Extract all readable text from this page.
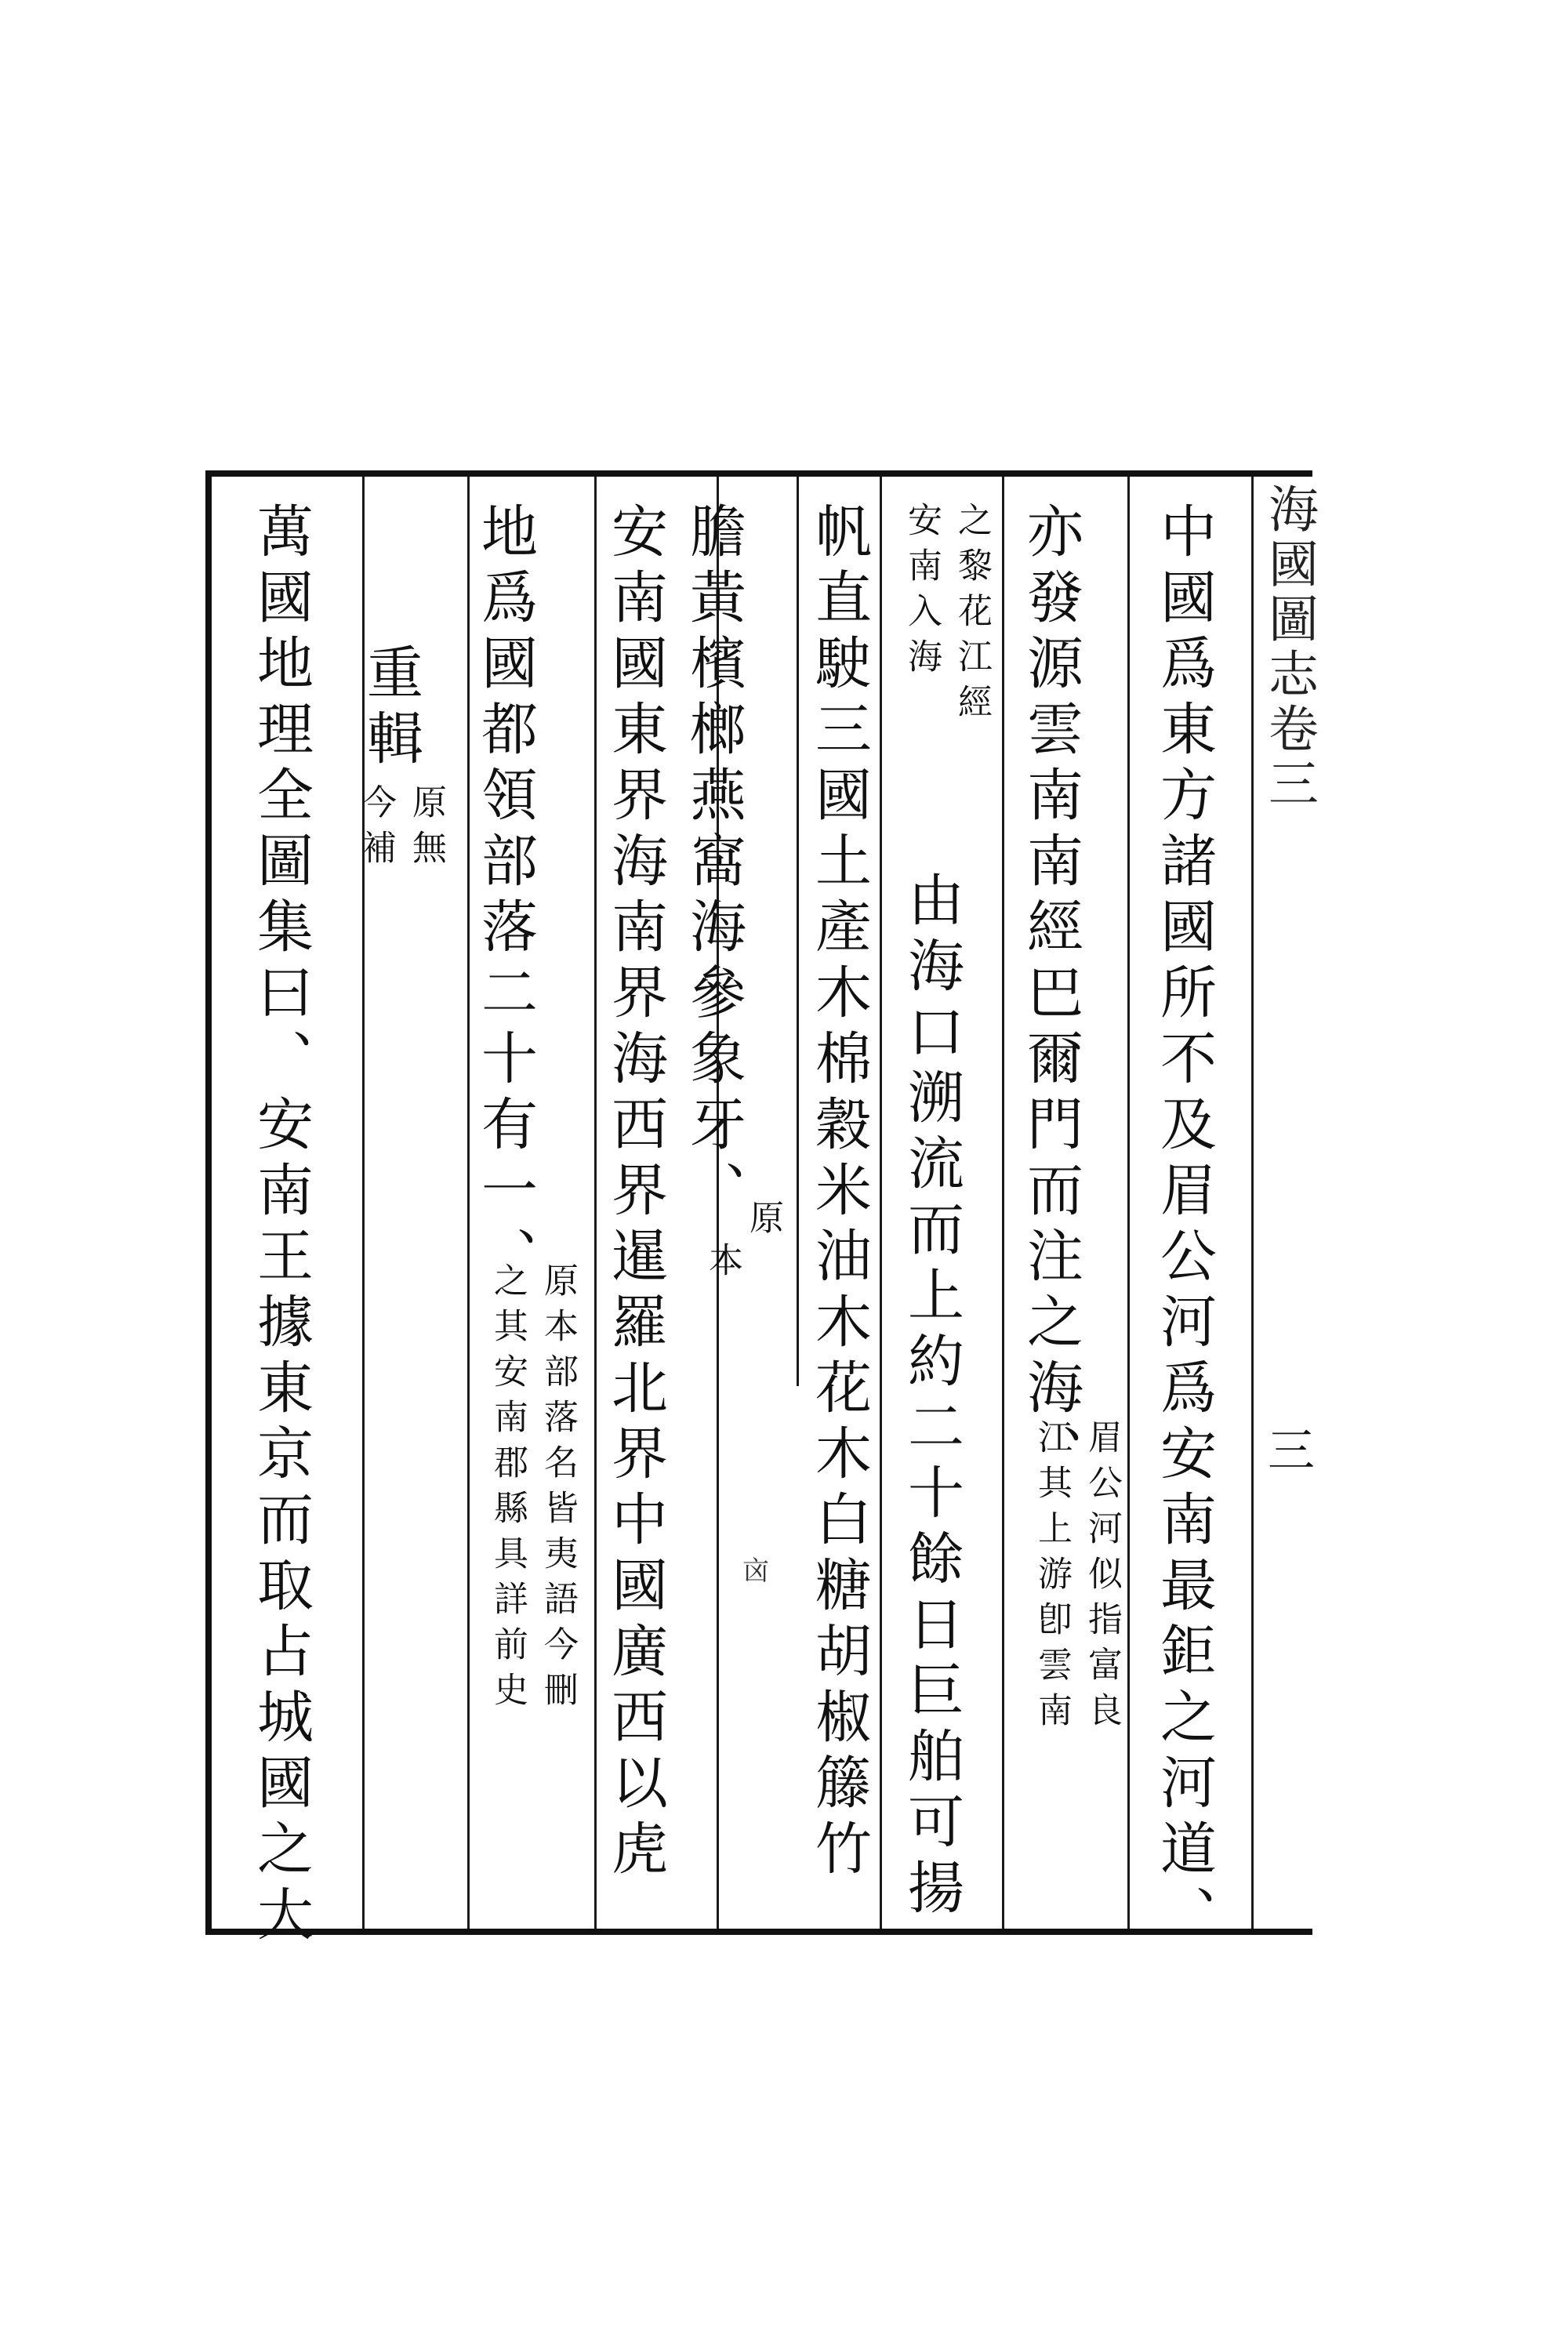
海國圖志卷三
三
中國爲東方諸國所不及眉公河爲安南最鉅之河道、
亦發源雲南南經巴爾門而注之海、
眉公河似指富良
江其上游卽雲南
之黎花江經
安南入海
由海口溯流而上約二十餘日巨舶可揚
帆直駛三國土產木棉穀米油木花木白糖胡椒籐竹
膽黃檳榔燕窩海參象牙、
原
本
安南國東界海南界海西界暹羅北界中國廣西以虎
地爲國都領部落二十有一、
原本部落名皆夷語今刪
之其安南郡縣具詳前史
重輯
原無
今補
萬國地理全圖集曰、安南王據東京而取占城國之大	㐫
